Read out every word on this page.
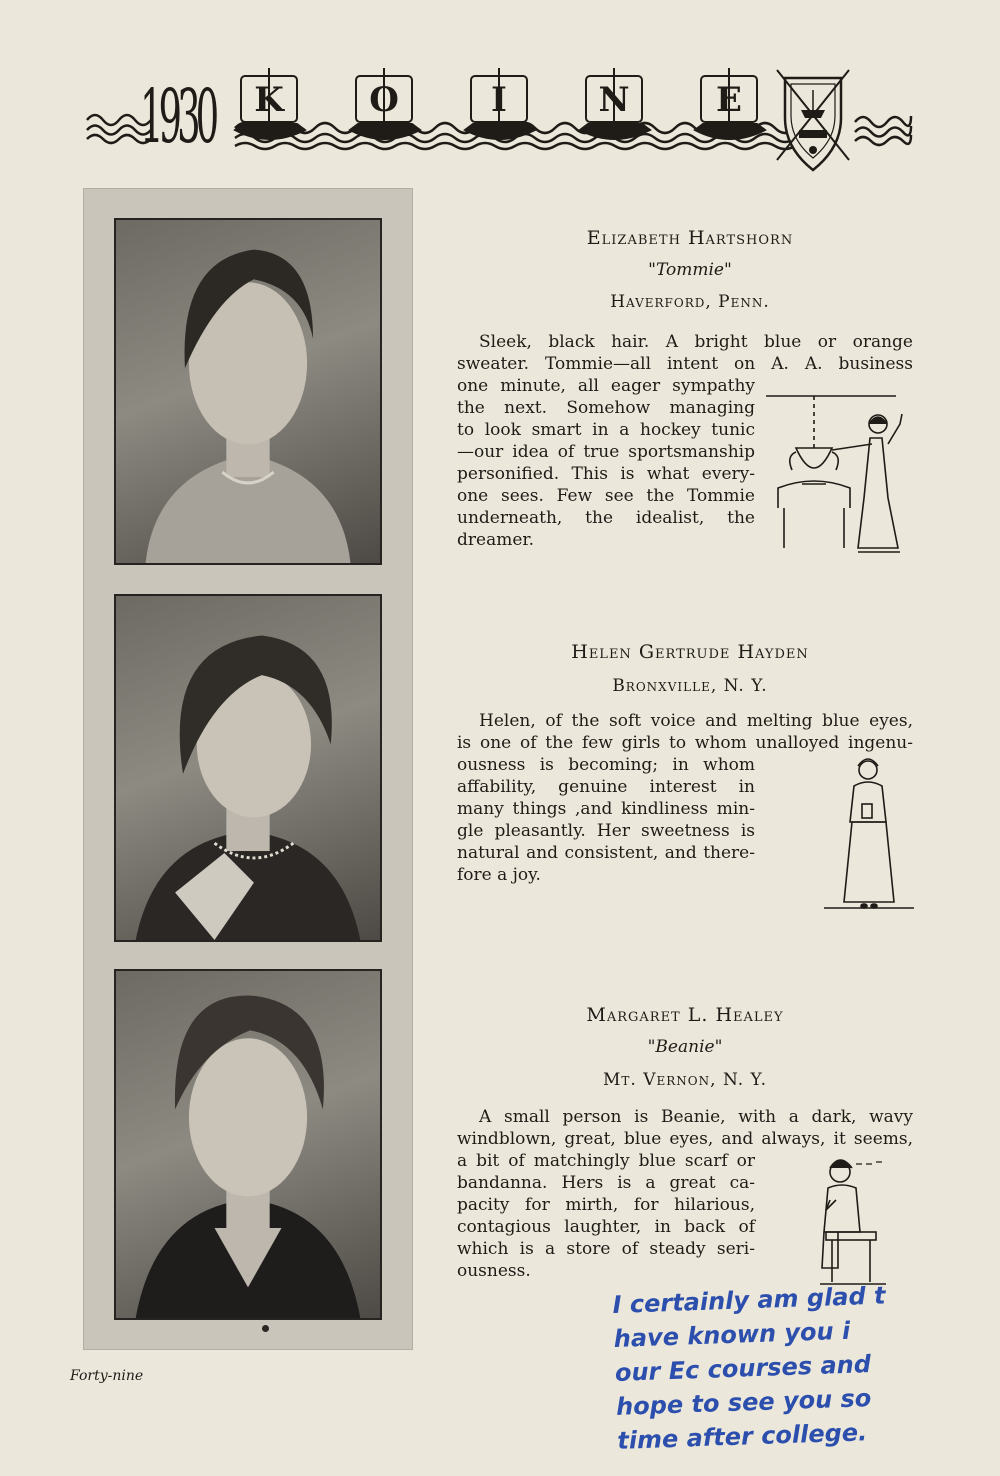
1930 K	O	I	N	E
Elizabeth Hartshorn
"Tommie"
Haverford, Penn.
Sleek, black hair. A bright blue or orange
sweater. Tommie—all intent on A. A. business
one minute, all eager sympathy
the next. Somehow managing
to look smart in a hockey tunic
—our idea of true sportsmanship
personified. This is what every-
one sees. Few see the Tommie
underneath, the idealist, the
dreamer.
Helen Gertrude Hayden
Bronxville, N. Y.
Helen, of the soft voice and melting blue eyes,
is one of the few girls to whom unalloyed ingenu-
ousness is becoming; in whom
affability, genuine interest in
many things ,and kindliness min-
gle pleasantly. Her sweetness is
natural and consistent, and there-
fore a joy.
Margaret L. Healey
"Beanie"
Mt. Vernon, N. Y.
A small person is Beanie, with a dark, wavy
windblown, great, blue eyes, and always, it seems,
a bit of matchingly blue scarf or
bandanna. Hers is a great ca-
pacity for mirth, for hilarious,
contagious laughter, in back of
which is a store of steady seri-
ousness.
Forty-nine
I certainly am glad t
have known you i
our Ec courses and
hope to see you so
time after college.
